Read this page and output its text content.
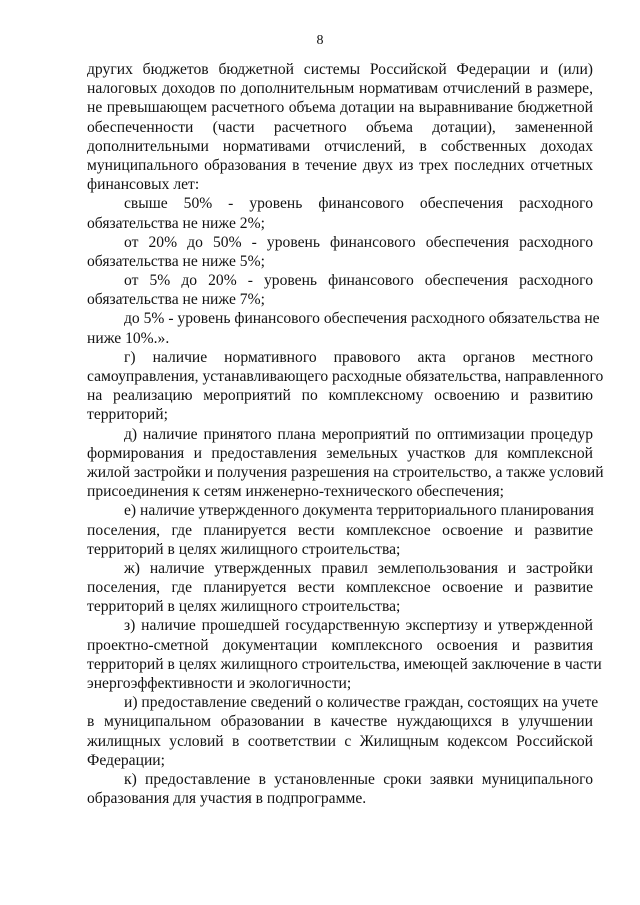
8
других бюджетов бюджетной системы Российской Федерации и (или)
налоговых доходов по дополнительным нормативам отчислений в размере,
не превышающем расчетного объема дотации на выравнивание бюджетной
обеспеченности (части расчетного объема дотации), замененной
дополнительными нормативами отчислений, в собственных доходах
муниципального образования в течение двух из трех последних отчетных
финансовых лет:
свыше 50% - уровень финансового обеспечения расходного
обязательства не ниже 2%;
от 20% до 50% - уровень финансового обеспечения расходного
обязательства не ниже 5%;
от 5% до 20% - уровень финансового обеспечения расходного
обязательства не ниже 7%;
до 5% - уровень финансового обеспечения расходного обязательства не
ниже 10%.».
г) наличие нормативного правового акта органов местного
самоуправления, устанавливающего расходные обязательства, направленного
на реализацию мероприятий по комплексному освоению и развитию
территорий;
д) наличие принятого плана мероприятий по оптимизации процедур
формирования и предоставления земельных участков для комплексной
жилой застройки и получения разрешения на строительство, а также условий
присоединения к сетям инженерно-технического обеспечения;
е) наличие утвержденного документа территориального планирования
поселения, где планируется вести комплексное освоение и развитие
территорий в целях жилищного строительства;
ж) наличие утвержденных правил землепользования и застройки
поселения, где планируется вести комплексное освоение и развитие
территорий в целях жилищного строительства;
з) наличие прошедшей государственную экспертизу и утвержденной
проектно-сметной документации комплексного освоения и развития
территорий в целях жилищного строительства, имеющей заключение в части
энергоэффективности и экологичности;
и) предоставление сведений о количестве граждан, состоящих на учете
в муниципальном образовании в качестве нуждающихся в улучшении
жилищных условий в соответствии с Жилищным кодексом Российской
Федерации;
к) предоставление в установленные сроки заявки муниципального
образования для участия в подпрограмме.
